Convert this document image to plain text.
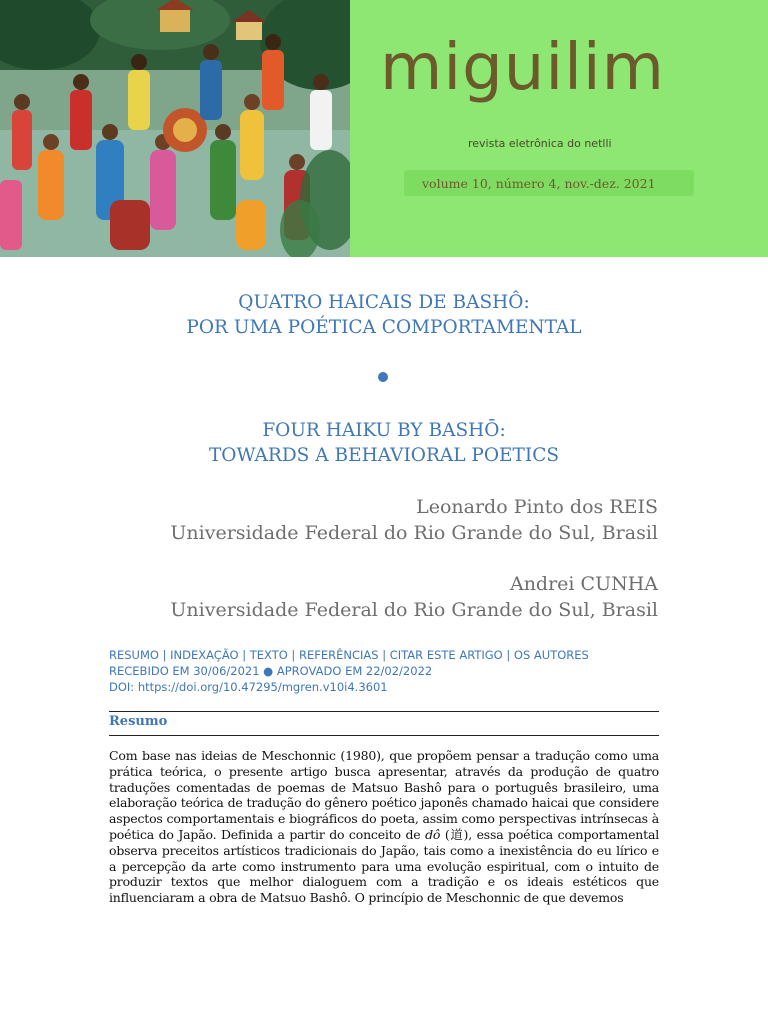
miguilim
revista eletrônica do netlli
volume 10, número 4, nov.-dez. 2021
QUATRO HAICAIS DE BASHÔ:
POR UMA POÉTICA COMPORTAMENTAL
FOUR HAIKU BY BASHŌ:
TOWARDS A BEHAVIORAL POETICS
Leonardo Pinto dos REIS
Universidade Federal do Rio Grande do Sul, Brasil
Andrei CUNHA
Universidade Federal do Rio Grande do Sul, Brasil
RESUMO | INDEXAÇÃO | TEXTO | REFERÊNCIAS | CITAR ESTE ARTIGO | OS AUTORES
RECEBIDO EM 30/06/2021 ● APROVADO EM 22/02/2022
DOI: https://doi.org/10.47295/mgren.v10i4.3601
Resumo

Com base nas ideias de Meschonnic (1980), que propõem pensar a tradução como uma prática teórica, o presente artigo busca apresentar, através da produção de quatro traduções comentadas de poemas de Matsuo Bashô para o português brasileiro, uma elaboração teórica de tradução do gênero poético japonês chamado haicai que considere aspectos comportamentais e biográficos do poeta, assim como perspectivas intrínsecas à poética do Japão. Definida a partir do conceito de dô (道), essa poética comportamental observa preceitos artísticos tradicionais do Japão, tais como a inexistência do eu lírico e a percepção da arte como instrumento para uma evolução espiritual, com o intuito de produzir textos que melhor dialoguem com a tradição e os ideais estéticos que influenciaram a obra de Matsuo Bashô. O princípio de Meschonnic de que devemos
